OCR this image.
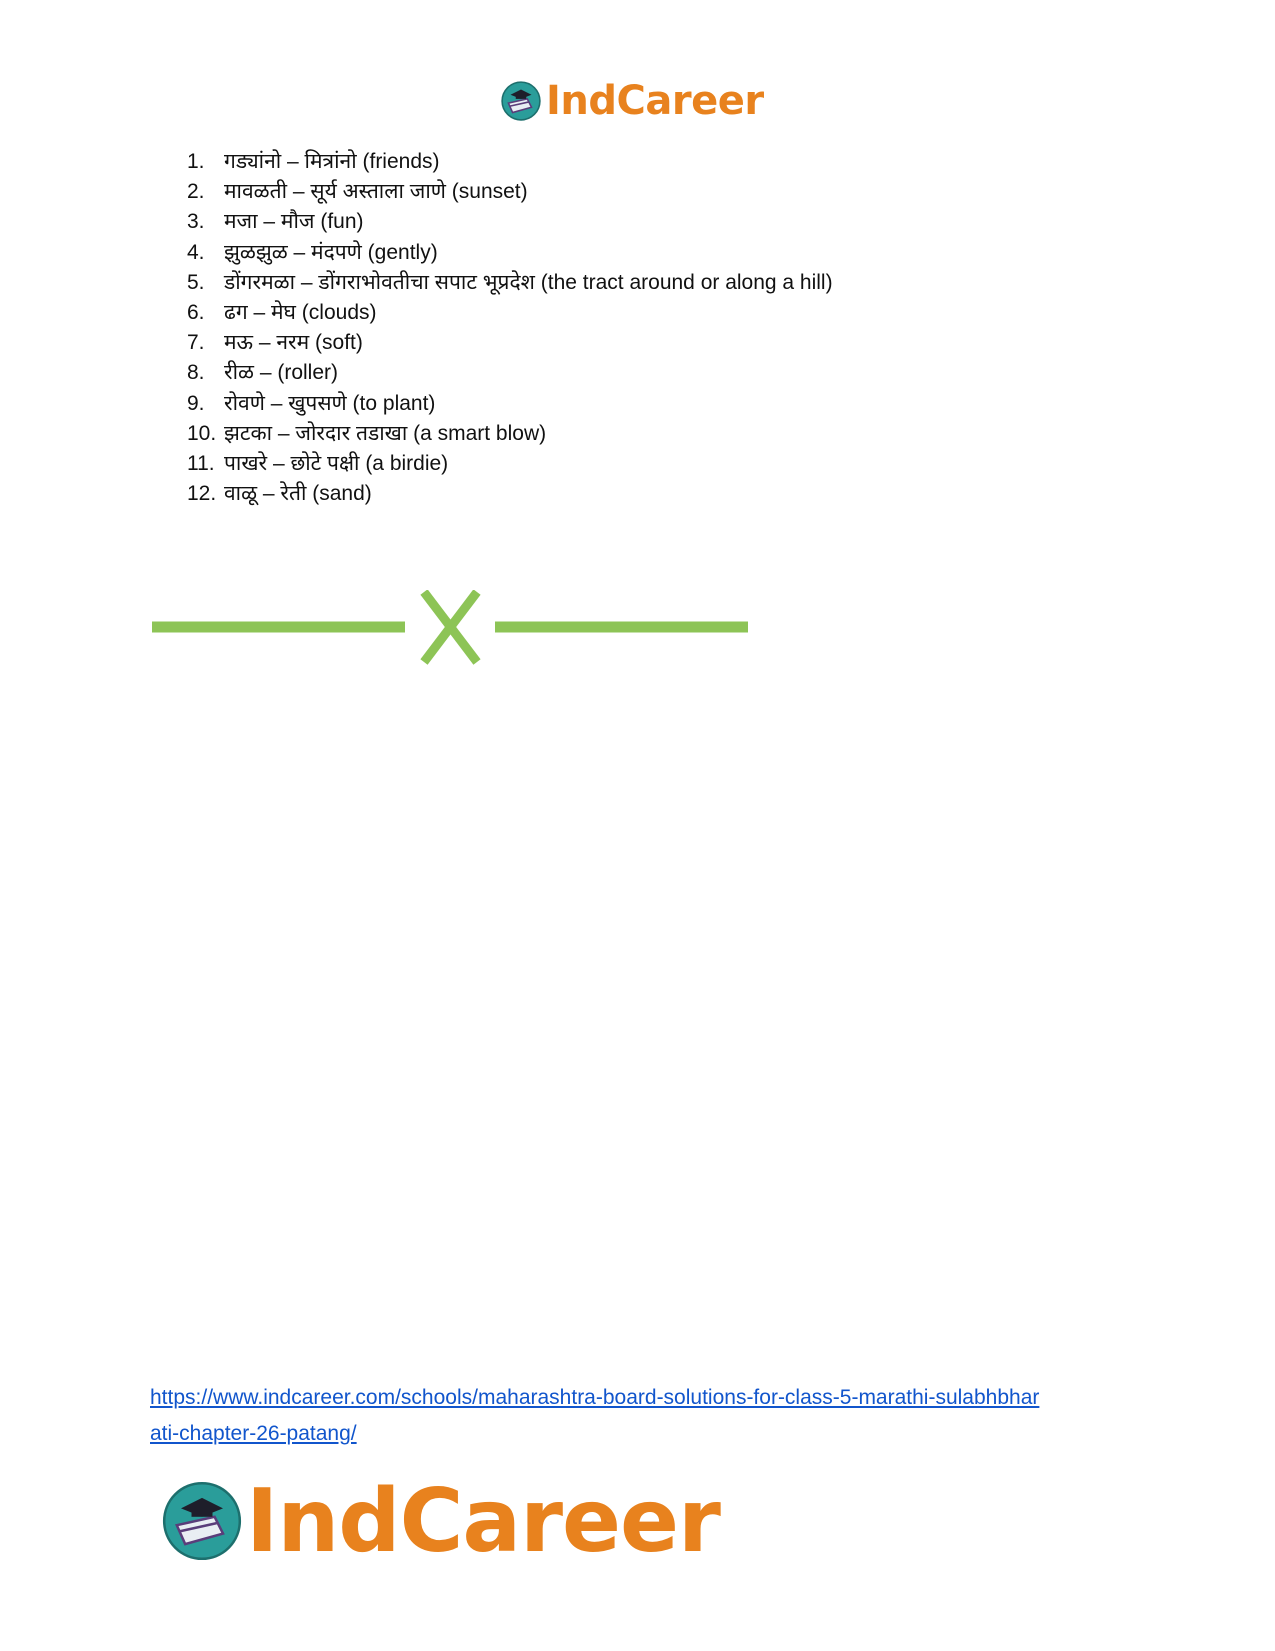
IndCareer
1. गड्यांनो – मित्रांनो (friends)
2. मावळती – सूर्य अस्ताला जाणे (sunset)
3. मजा – मौज (fun)
4. झुळझुळ – मंदपणे (gently)
5. डोंगरमळा – डोंगराभोवतीचा सपाट भूप्रदेश (the tract around or along a hill)
6. ढग – मेघ (clouds)
7. मऊ – नरम (soft)
8. रीळ – (roller)
9. रोवणे – खुपसणे (to plant)
10. झटका – जोरदार तडाखा (a smart blow)
11. पाखरे – छोटे पक्षी (a birdie)
12. वाळू – रेती (sand)
https://www.indcareer.com/schools/maharashtra-board-solutions-for-class-5-marathi-sulabhbhar
ati-chapter-26-patang/
IndCareer
